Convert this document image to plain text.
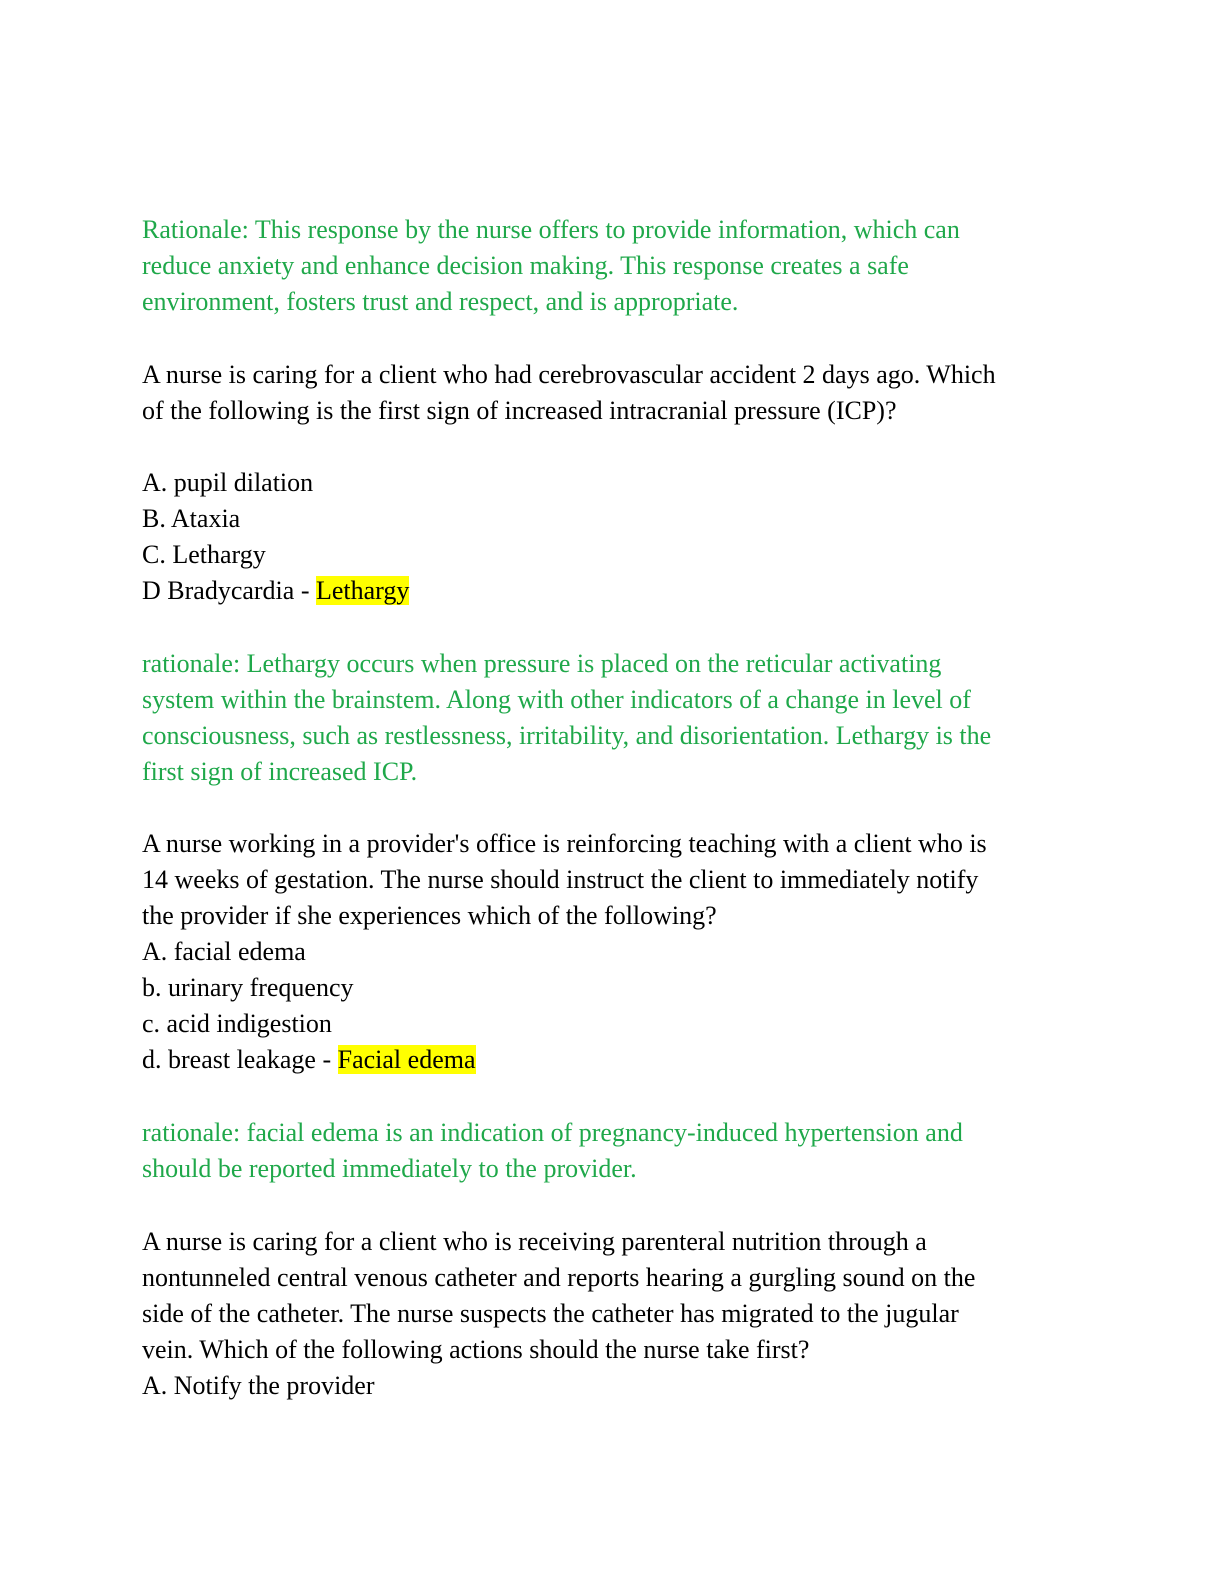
Rationale: This response by the nurse offers to provide information, which can
reduce anxiety and enhance decision making. This response creates a safe
environment, fosters trust and respect, and is appropriate.
A nurse is caring for a client who had cerebrovascular accident 2 days ago. Which
of the following is the first sign of increased intracranial pressure (ICP)?
A. pupil dilation
B. Ataxia
C. Lethargy
D Bradycardia - Lethargy
rationale: Lethargy occurs when pressure is placed on the reticular activating
system within the brainstem. Along with other indicators of a change in level of
consciousness, such as restlessness, irritability, and disorientation. Lethargy is the
first sign of increased ICP.
A nurse working in a provider's office is reinforcing teaching with a client who is
14 weeks of gestation. The nurse should instruct the client to immediately notify
the provider if she experiences which of the following?
A. facial edema
b. urinary frequency
c. acid indigestion
d. breast leakage - Facial edema
rationale: facial edema is an indication of pregnancy-induced hypertension and
should be reported immediately to the provider.
A nurse is caring for a client who is receiving parenteral nutrition through a
nontunneled central venous catheter and reports hearing a gurgling sound on the
side of the catheter. The nurse suspects the catheter has migrated to the jugular
vein. Which of the following actions should the nurse take first?
A. Notify the provider
